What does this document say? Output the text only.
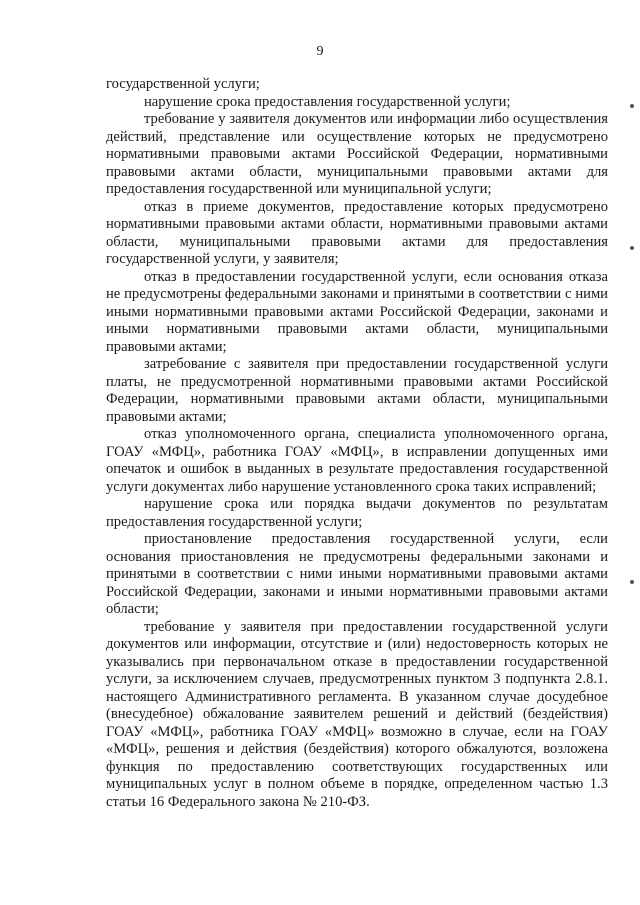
9

государственной услуги;

нарушение срока предоставления государственной услуги;

требование у заявителя документов или информации либо осуществления действий, представление или осуществление которых не предусмотрено нормативными правовыми актами Российской Федерации, нормативными правовыми актами области, муниципальными правовыми актами для предоставления государственной или муниципальной услуги;

отказ в приеме документов, предоставление которых предусмотрено нормативными правовыми актами области, нормативными правовыми актами области, муниципальными правовыми актами для предоставления государственной услуги, у заявителя;

отказ в предоставлении государственной услуги, если основания отказа не предусмотрены федеральными законами и принятыми в соответствии с ними иными нормативными правовыми актами Российской Федерации, законами и иными нормативными правовыми актами области, муниципальными правовыми актами;

затребование с заявителя при предоставлении государственной услуги платы, не предусмотренной нормативными правовыми актами Российской Федерации, нормативными правовыми актами области, муниципальными правовыми актами;

отказ уполномоченного органа, специалиста уполномоченного органа, ГОАУ «МФЦ», работника ГОАУ «МФЦ», в исправлении допущенных ими опечаток и ошибок в выданных в результате предоставления государственной услуги документах либо нарушение установленного срока таких исправлений;

нарушение срока или порядка выдачи документов по результатам предоставления государственной услуги;

приостановление предоставления государственной услуги, если основания приостановления не предусмотрены федеральными законами и принятыми в соответствии с ними иными нормативными правовыми актами Российской Федерации, законами и иными нормативными правовыми актами области;

требование у заявителя при предоставлении государственной услуги документов или информации, отсутствие и (или) недостоверность которых не указывались при первоначальном отказе в предоставлении государственной услуги, за исключением случаев, предусмотренных пунктом 3 подпункта 2.8.1. настоящего Административного регламента. В указанном случае досудебное (внесудебное) обжалование заявителем решений и действий (бездействия) ГОАУ «МФЦ», работника ГОАУ «МФЦ» возможно в случае, если на ГОАУ «МФЦ», решения и действия (бездействия) которого обжалуются, возложена функция по предоставлению соответствующих государственных или муниципальных услуг в полном объеме в порядке, определенном частью 1.3 статьи 16 Федерального закона № 210-ФЗ.
